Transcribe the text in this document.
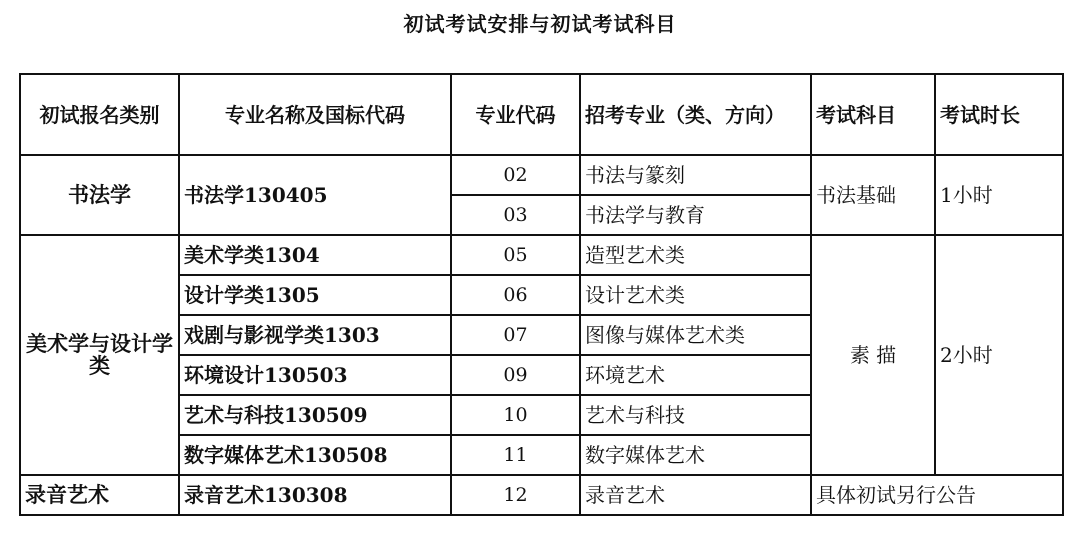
初试考试安排与初试考试科目
初试报名类别	专业名称及国标代码	专业代码	招考专业（类、方向）	考试科目	考试时长
书法学	书法学130405	02	书法与篆刻	书法基础	1小时
		03	书法学与教育		
美术学与设计学类	美术学类1304	05	造型艺术类	素 描	2小时
	设计学类1305	06	设计艺术类		
	戏剧与影视学类1303	07	图像与媒体艺术类		
	环境设计130503	09	环境艺术		
	艺术与科技130509	10	艺术与科技		
	数字媒体艺术130508	11	数字媒体艺术		
录音艺术	录音艺术130308	12	录音艺术	具体初试另行公告	
